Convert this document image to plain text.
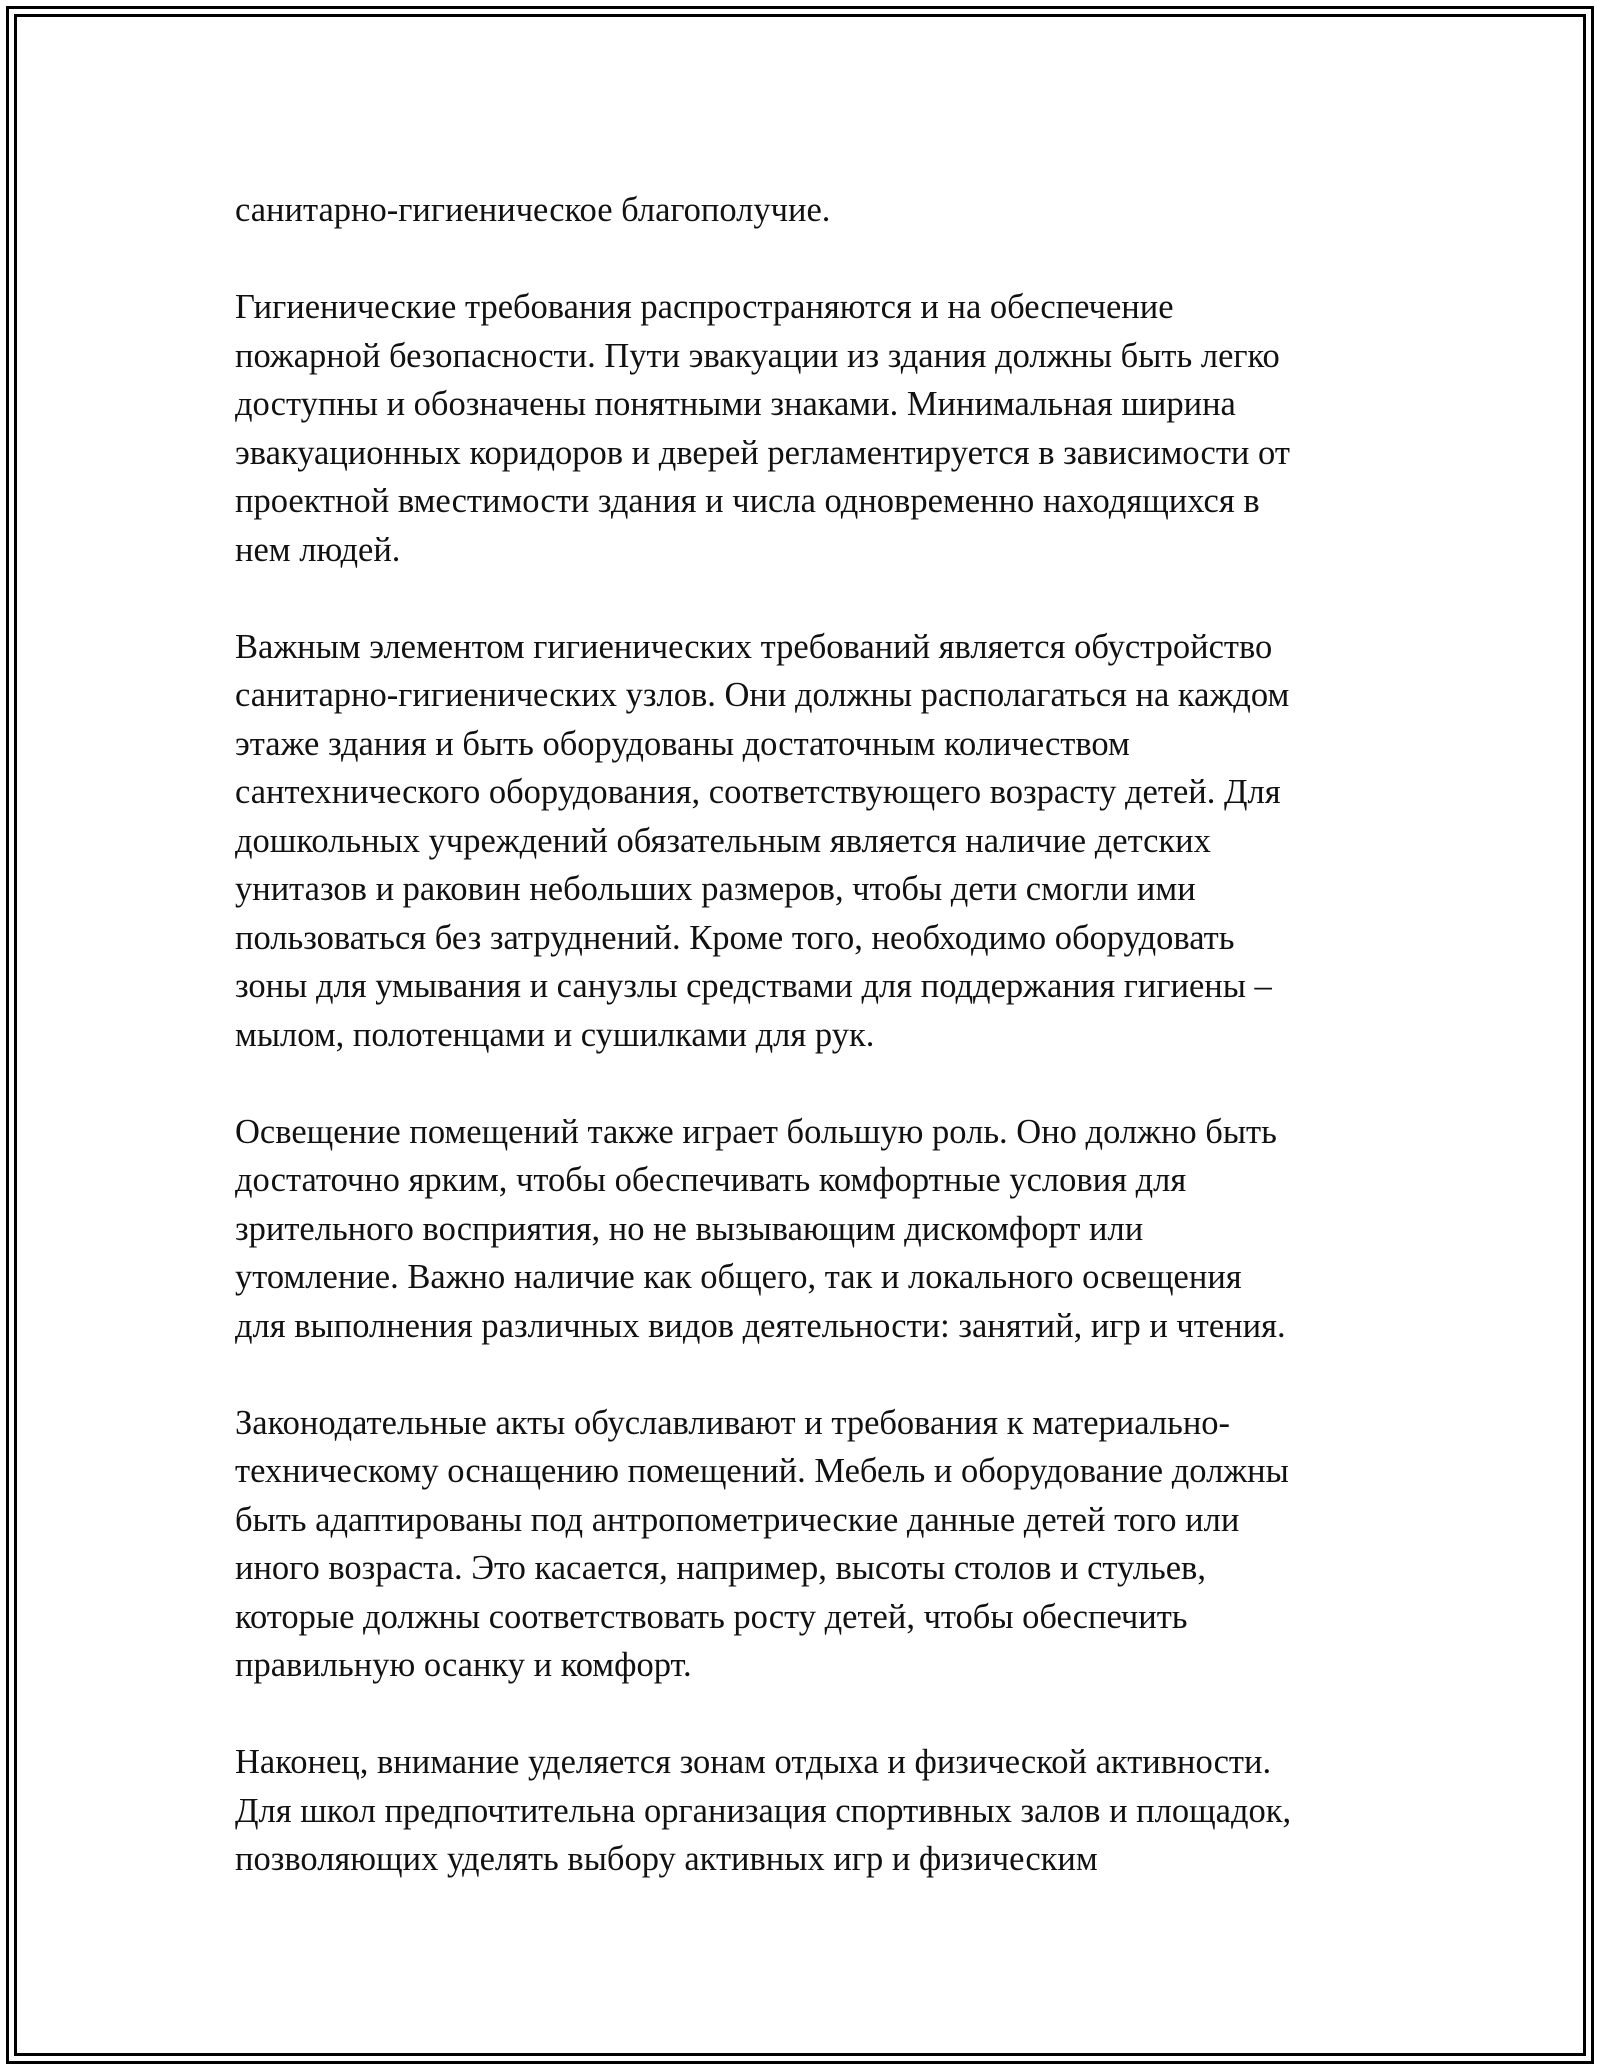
санитарно-гигиеническое благополучие.

Гигиенические требования распространяются и на обеспечение
пожарной безопасности. Пути эвакуации из здания должны быть легко
доступны и обозначены понятными знаками. Минимальная ширина
эвакуационных коридоров и дверей регламентируется в зависимости от
проектной вместимости здания и числа одновременно находящихся в
нем людей.

Важным элементом гигиенических требований является обустройство
санитарно-гигиенических узлов. Они должны располагаться на каждом
этаже здания и быть оборудованы достаточным количеством
сантехнического оборудования, соответствующего возрасту детей. Для
дошкольных учреждений обязательным является наличие детских
унитазов и раковин небольших размеров, чтобы дети смогли ими
пользоваться без затруднений. Кроме того, необходимо оборудовать
зоны для умывания и санузлы средствами для поддержания гигиены –
мылом, полотенцами и сушилками для рук.

Освещение помещений также играет большую роль. Оно должно быть
достаточно ярким, чтобы обеспечивать комфортные условия для
зрительного восприятия, но не вызывающим дискомфорт или
утомление. Важно наличие как общего, так и локального освещения
для выполнения различных видов деятельности: занятий, игр и чтения.

Законодательные акты обуславливают и требования к материально-
техническому оснащению помещений. Мебель и оборудование должны
быть адаптированы под антропометрические данные детей того или
иного возраста. Это касается, например, высоты столов и стульев,
которые должны соответствовать росту детей, чтобы обеспечить
правильную осанку и комфорт.

Наконец, внимание уделяется зонам отдыха и физической активности.
Для школ предпочтительна организация спортивных залов и площадок,
позволяющих уделять выбору активных игр и физическим
